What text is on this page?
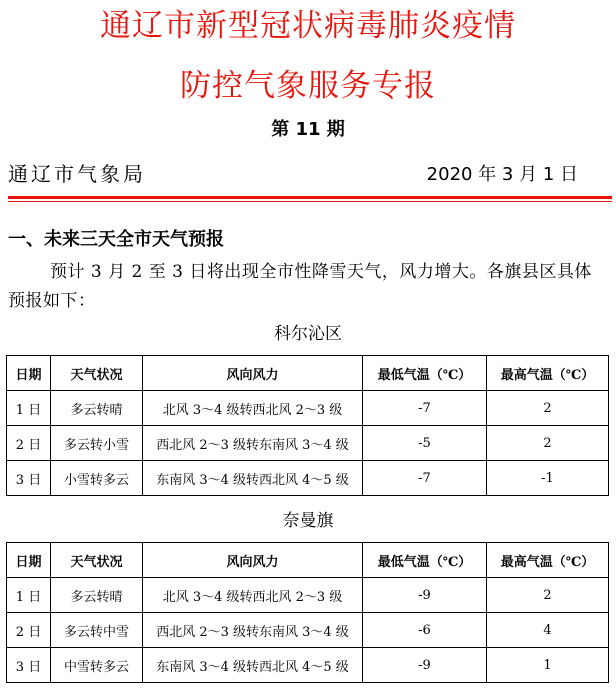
通辽市新型冠状病毒肺炎疫情
防控气象服务专报
第 11 期
通辽市气象局	2020 年 3 月 1 日
一、未来三天全市天气预报
预计 3 月 2 至 3 日将出现全市性降雪天气，风力增大。各旗县区具体预报如下：
科尔沁区
日期	天气状况	风向风力	最低气温（℃）	最高气温（℃）
1 日	多云转晴	北风 3～4 级转西北风 2～3 级	-7	2
2 日	多云转小雪	西北风 2～3 级转东南风 3～4 级	-5	2
3 日	小雪转多云	东南风 3～4 级转西北风 4～5 级	-7	-1
奈曼旗
日期	天气状况	风向风力	最低气温（℃）	最高气温（℃）
1 日	多云转晴	北风 3～4 级转西北风 2～3 级	-9	2
2 日	多云转中雪	西北风 2～3 级转东南风 3～4 级	-6	4
3 日	中雪转多云	东南风 3～4 级转西北风 4～5 级	-9	1
